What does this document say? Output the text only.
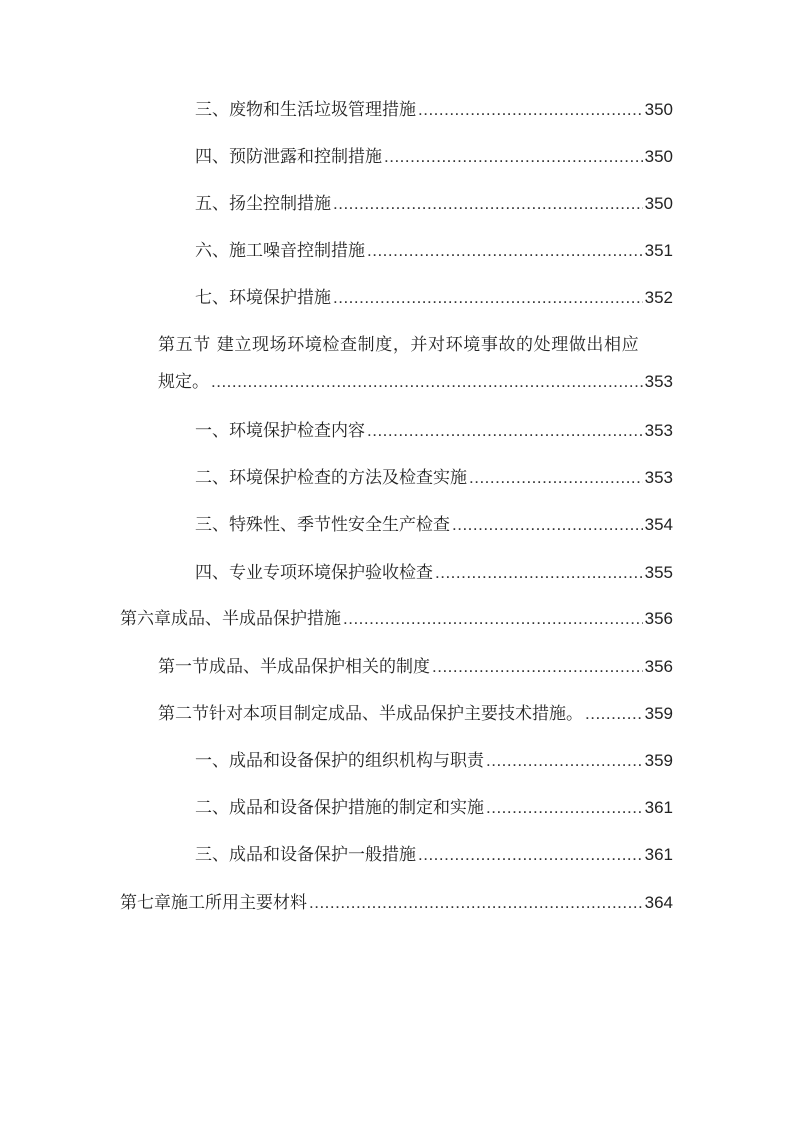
三、 废物和生活垃圾管理措施 .....	350
四、 预防泄露和控制措施 .....	350
五、 扬尘控制措施 .....	350
六、 施工噪音控制措施 .....	351
七、 环境保护措施 .....	352
第五节 建立现场环境检查制度，并对环境事故的处理做出相应
规定。 .....	353
一、 环境保护检查内容 .....	353
二、 环境保护检查的方法及检查实施 .....	353
三、 特殊性、季节性安全生产检查 .....	354
四、 专业专项环境保护验收检查 .....	355
第六章 成品、半成品保护措施 .....	356
第一节 成品、半成品保护相关的制度 .....	356
第二节 针对本项目制定成品、半成品保护主要技术措施。 .....	359
一、 成品和设备保护的组织机构与职责 .....	359
二、 成品和设备保护措施的制定和实施 .....	361
三、 成品和设备保护一般措施 .....	361
第七章 施工所用主要材料 .....	364
